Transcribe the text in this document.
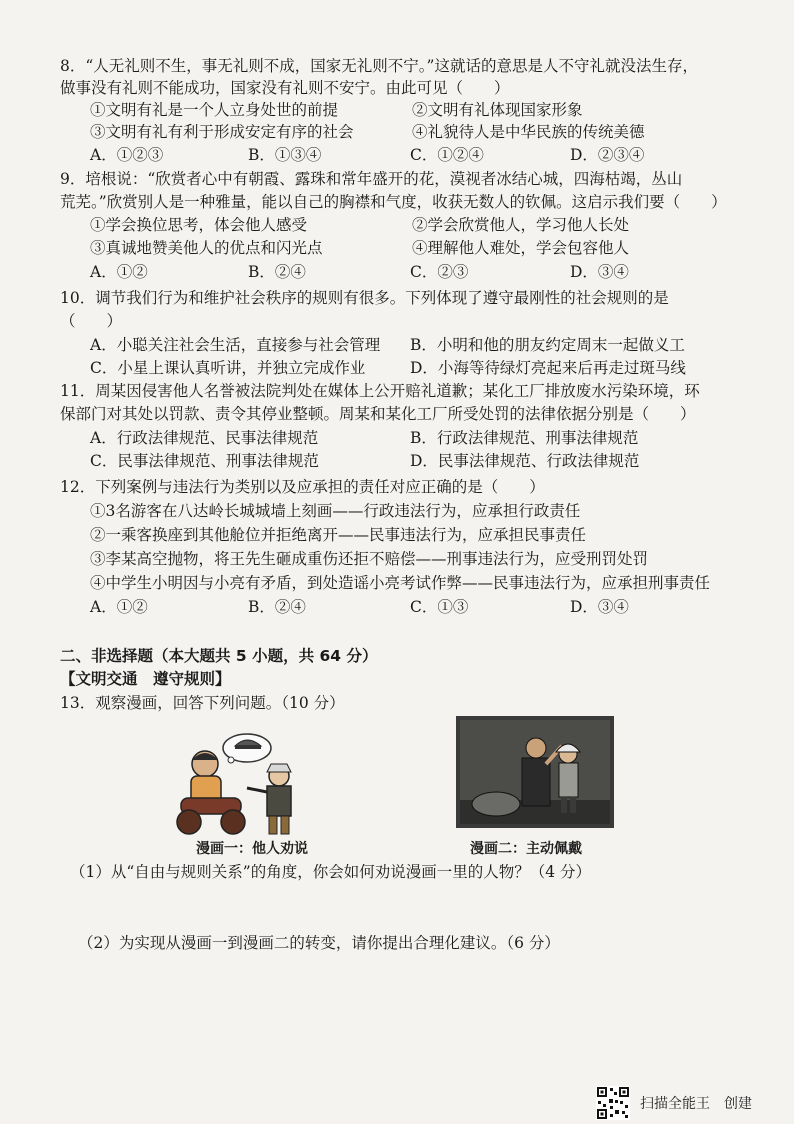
8．“人无礼则不生，事无礼则不成，国家无礼则不宁。”这就话的意思是人不守礼就没法生存，
做事没有礼则不能成功，国家没有礼则不安宁。由此可见（　　）
①文明有礼是一个人立身处世的前提	②文明有礼体现国家形象
③文明有礼有利于形成安定有序的社会	④礼貌待人是中华民族的传统美德
A．①②③	B．①③④	C．①②④	D．②③④
9．培根说：“欣赏者心中有朝霞、露珠和常年盛开的花，漠视者冰结心城，四海枯竭，丛山
荒芜。”欣赏别人是一种雅量，能以自己的胸襟和气度，收获无数人的钦佩。这启示我们要（　　）
①学会换位思考，体会他人感受	②学会欣赏他人，学习他人长处
③真诚地赞美他人的优点和闪光点	④理解他人难处，学会包容他人
A．①②	B．②④	C．②③	D．③④
10．调节我们行为和维护社会秩序的规则有很多。下列体现了遵守最刚性的社会规则的是
（　　）
A．小聪关注社会生活，直接参与社会管理 B．小明和他的朋友约定周末一起做义工
C．小星上课认真听讲，并独立完成作业	D．小海等待绿灯亮起来后再走过斑马线
11．周某因侵害他人名誉被法院判处在媒体上公开赔礼道歉；某化工厂排放废水污染环境，环
保部门对其处以罚款、责令其停业整顿。周某和某化工厂所受处罚的法律依据分别是（　　）
A．行政法律规范、民事法律规范	B．行政法律规范、刑事法律规范
C．民事法律规范、刑事法律规范	D．民事法律规范、行政法律规范
12．下列案例与违法行为类别以及应承担的责任对应正确的是（　　）
①3名游客在八达岭长城城墙上刻画——行政违法行为，应承担行政责任
②一乘客换座到其他舱位并拒绝离开——民事违法行为，应承担民事责任
③李某高空抛物，将王先生砸成重伤还拒不赔偿——刑事违法行为，应受刑罚处罚
④中学生小明因与小亮有矛盾，到处造谣小亮考试作弊——民事违法行为，应承担刑事责任
A．①②	B．②④	C．①③	D．③④
二、非选择题（本大题共 5 小题，共 64 分）
【文明交通　遵守规则】
13．观察漫画，回答下列问题。（10 分）
漫画一：他人劝说	漫画二：主动佩戴
（1）从“自由与规则关系”的角度，你会如何劝说漫画一里的人物？（4 分）
（2）为实现从漫画一到漫画二的转变，请你提出合理化建议。（6 分）
扫描全能王　创建
